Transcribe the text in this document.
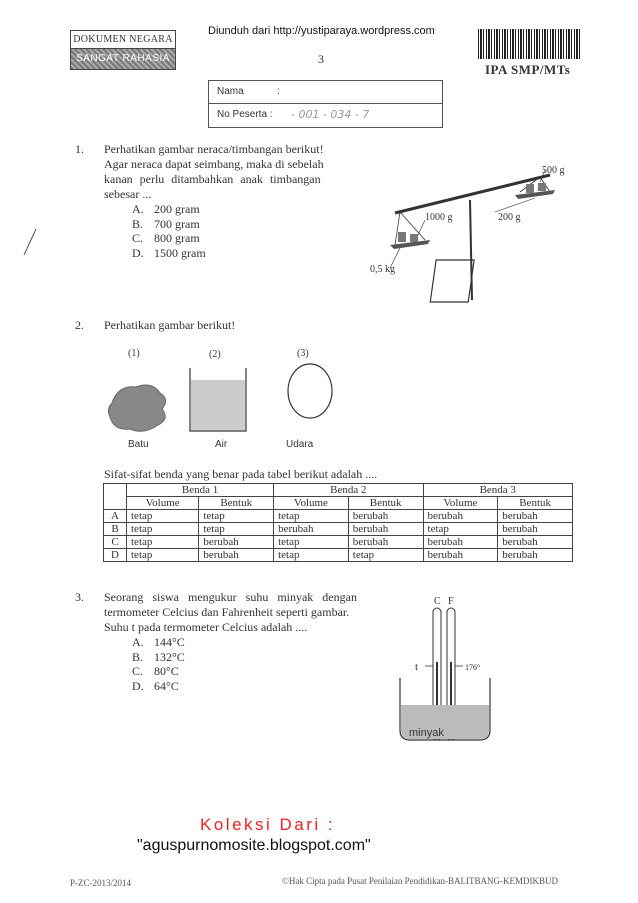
DOKUMEN NEGARA
SANGAT RAHASIA
Diunduh dari http://yustiparaya.wordpress.com
3
IPA SMP/MTs
Nama	:
No Peserta : - 001 - 034 - 7
1. Perhatikan gambar neraca/timbangan berikut!
Agar neraca dapat seimbang, maka di sebelah
kanan perlu ditambahkan anak timbangan
sebesar ...
A. 200 gram
B. 700 gram
C. 800 gram
D. 1500 gram
1000 g
0,5 kg
200 g
500 g
2. Perhatikan gambar berikut!
(1)	(2)	(3)
Batu	Air	Udara
Sifat-sifat benda yang benar pada tabel berikut adalah ....
	Benda 1		Benda 2		Benda 3	
	Volume	Bentuk	Volume	Bentuk	Volume	Bentuk
A	tetap	tetap	tetap	berubah	berubah	berubah
B	tetap	tetap	berubah	berubah	tetap	berubah
C	tetap	berubah	tetap	berubah	berubah	berubah
D	tetap	berubah	tetap	tetap	berubah	berubah
3. Seorang siswa mengukur suhu minyak dengan
termometer Celcius dan Fahrenheit seperti gambar.
Suhu t pada termometer Celcius adalah ....
A. 144°C
B. 132°C
C. 80°C
D. 64°C
C F
176°
t
minyak
Koleksi Dari :
"aguspurnomosite.blogspot.com"
P-ZC-2013/2014	©Hak Cipta pada Pusat Penilaian Pendidikan-BALITBANG-KEMDIKBUD
